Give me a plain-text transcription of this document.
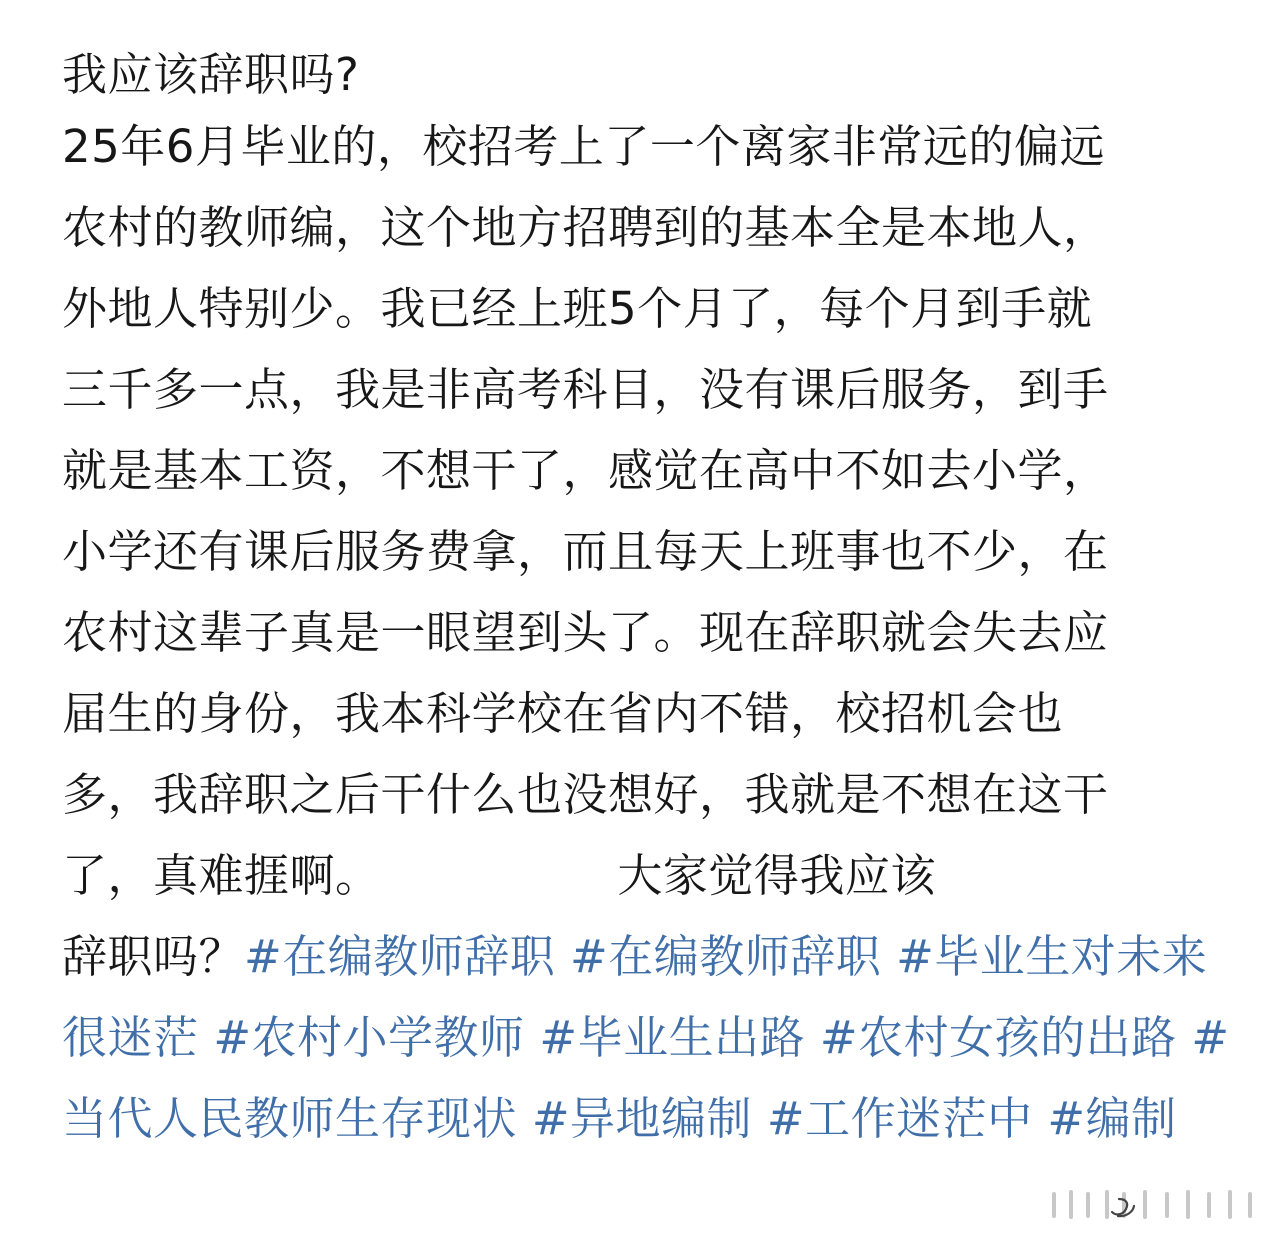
我应该辞职吗?

25年6月毕业的，校招考上了一个离家非常远的偏远
农村的教师编，这个地方招聘到的基本全是本地人，
外地人特别少。我已经上班5个月了，每个月到手就
三千多一点，我是非高考科目，没有课后服务，到手
就是基本工资，不想干了，感觉在高中不如去小学，
小学还有课后服务费拿，而且每天上班事也不少，在
农村这辈子真是一眼望到头了。现在辞职就会失去应
届生的身份，我本科学校在省内不错，校招机会也
多，我辞职之后干什么也没想好，我就是不想在这干
了，真难捱啊。                大家觉得我应该
辞职吗？#在编教师辞职 #在编教师辞职 #毕业生对未来很迷茫 #农村小学教师 #毕业生出路 #农村女孩的出路 #当代人民教师生存现状 #异地编制 #工作迷茫中 #编制
